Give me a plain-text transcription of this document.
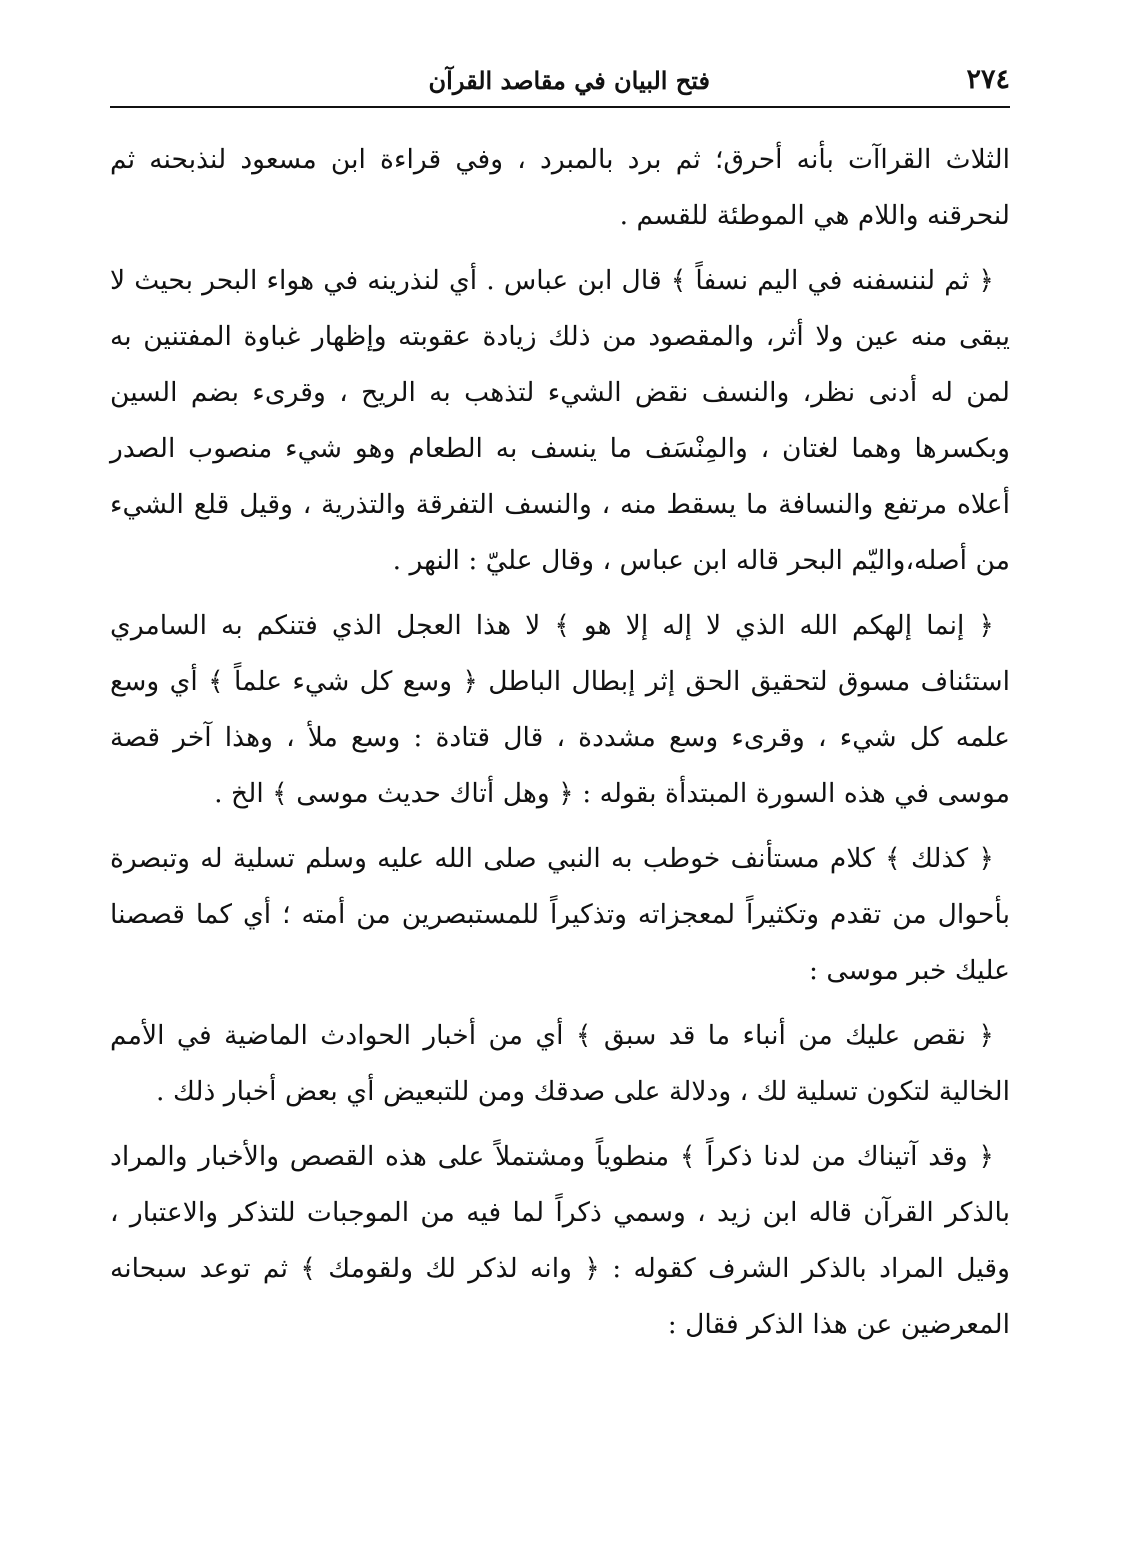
٢٧٤
فتح البيان في مقاصد القرآن

الثلاث القراآت بأنه أحرق؛ ثم برد بالمبرد ، وفي قراءة ابن مسعود لنذبحنه ثم لنحرقنه واللام هي الموطئة للقسم .

﴿ ثم لننسفنه في اليم نسفاً ﴾ قال ابن عباس . أي لنذرينه في هواء البحر بحيث لا يبقى منه عين ولا أثر، والمقصود من ذلك زيادة عقوبته وإظهار غباوة المفتنين به لمن له أدنى نظر، والنسف نقض الشيء لتذهب به الريح ، وقرىء بضم السين وبكسرها وهما لغتان ، والمِنْسَف ما ينسف به الطعام وهو شيء منصوب الصدر أعلاه مرتفع والنسافة ما يسقط منه ، والنسف التفرقة والتذرية ، وقيل قلع الشيء من أصله،واليّم البحر قاله ابن عباس ، وقال عليّ : النهر .

﴿ إنما إلهكم الله الذي لا إله إلا هو ﴾ لا هذا العجل الذي فتنكم به السامري استئناف مسوق لتحقيق الحق إثر إبطال الباطل ﴿ وسع كل شيء علماً ﴾ أي وسع علمه كل شيء ، وقرىء وسع مشددة ، قال قتادة : وسع ملأ ، وهذا آخر قصة موسى في هذه السورة المبتدأة بقوله : ﴿ وهل أتاك حديث موسى ﴾ الخ .

﴿ كذلك ﴾ كلام مستأنف خوطب به النبي صلى الله عليه وسلم تسلية له وتبصرة بأحوال من تقدم وتكثيراً لمعجزاته وتذكيراً للمستبصرين من أمته ؛ أي كما قصصنا عليك خبر موسى :

﴿ نقص عليك من أنباء ما قد سبق ﴾ أي من أخبار الحوادث الماضية في الأمم الخالية لتكون تسلية لك ، ودلالة على صدقك ومن للتبعيض أي بعض أخبار ذلك .

﴿ وقد آتيناك من لدنا ذكراً ﴾ منطوياً ومشتملاً على هذه القصص والأخبار والمراد بالذكر القرآن قاله ابن زيد ، وسمي ذكراً لما فيه من الموجبات للتذكر والاعتبار ، وقيل المراد بالذكر الشرف كقوله : ﴿ وانه لذكر لك ولقومك ﴾ ثم توعد سبحانه المعرضين عن هذا الذكر فقال :
